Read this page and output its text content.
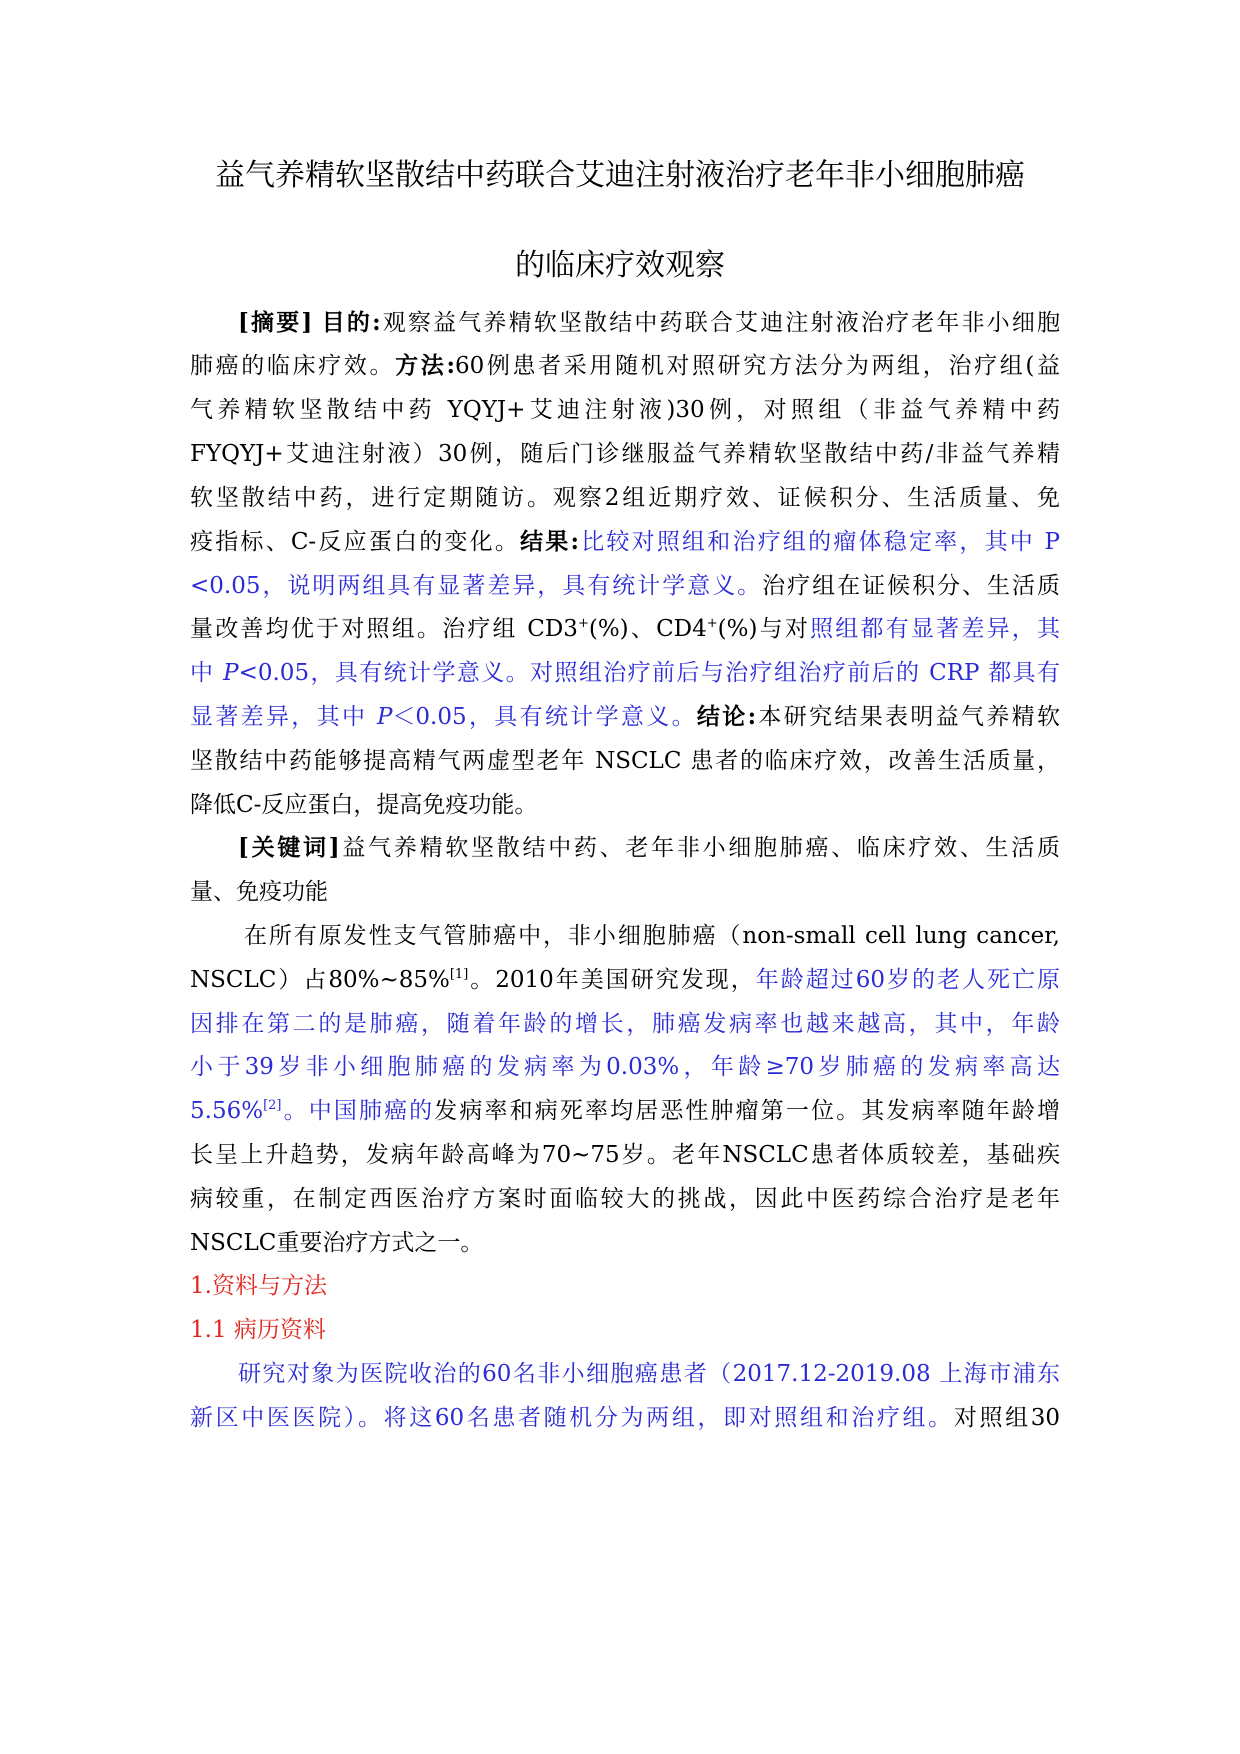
益气养精软坚散结中药联合艾迪注射液治疗老年非小细胞肺癌
的临床疗效观察
[摘要] 目的:观察益气养精软坚散结中药联合艾迪注射液治疗老年非小细胞
肺癌的临床疗效。方法:60例患者采用随机对照研究方法分为两组，治疗组(益
气养精软坚散结中药 YQYJ+艾迪注射液)30例，对照组（非益气养精中药
FYQYJ+艾迪注射液）30例，随后门诊继服益气养精软坚散结中药/非益气养精
软坚散结中药，进行定期随访。观察2组近期疗效、证候积分、生活质量、免
疫指标、C-反应蛋白的变化。结果:比较对照组和治疗组的瘤体稳定率，其中 P
<0.05，说明两组具有显著差异，具有统计学意义。治疗组在证候积分、生活质
量改善均优于对照组。治疗组 CD3+(%)、CD4+(%)与对照组都有显著差异，其
中 P<0.05，具有统计学意义。对照组治疗前后与治疗组治疗前后的 CRP 都具有
显著差异，其中 P＜0.05，具有统计学意义。结论:本研究结果表明益气养精软
坚散结中药能够提高精气两虚型老年 NSCLC 患者的临床疗效，改善生活质量，
降低C-反应蛋白，提高免疫功能。
[关键词]益气养精软坚散结中药、老年非小细胞肺癌、临床疗效、生活质
量、免疫功能
在所有原发性支气管肺癌中，非小细胞肺癌（non-small cell lung cancer,
NSCLC）占80%~85%[1]。2010年美国研究发现，年龄超过60岁的老人死亡原
因排在第二的是肺癌，随着年龄的增长，肺癌发病率也越来越高，其中，年龄
小于39岁非小细胞肺癌的发病率为0.03%，年龄≥70岁肺癌的发病率高达
5.56%[2]。中国肺癌的发病率和病死率均居恶性肿瘤第一位。其发病率随年龄增
长呈上升趋势，发病年龄高峰为70~75岁。老年NSCLC患者体质较差，基础疾
病较重，在制定西医治疗方案时面临较大的挑战，因此中医药综合治疗是老年
NSCLC重要治疗方式之一。
1.资料与方法
1.1 病历资料
研究对象为医院收治的60名非小细胞癌患者（2017.12-2019.08 上海市浦东
新区中医医院）。将这60名患者随机分为两组，即对照组和治疗组。对照组30
